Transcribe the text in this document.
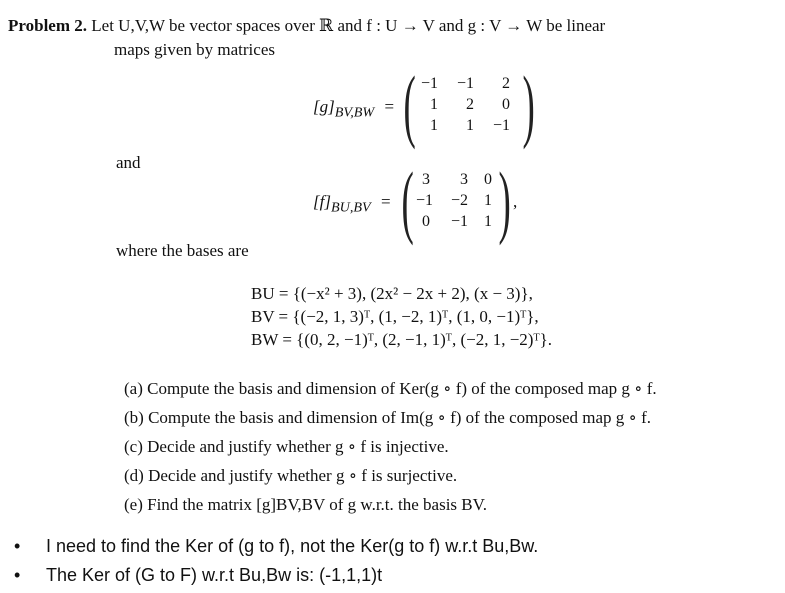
Problem 2. Let U,V,W be vector spaces over ℝ and f : U → V and g : V → W be linear
maps given by matrices
$[g]_{BV,BW}$ = ( −1	−1	2
1	2	0
1	1	−1 )
and
$[f]_{BU,BV}$ = ( 3	3	0
−1	−2	1
0	−1	1 ) ,
where the bases are
BU = {(−x² + 3), (2x² − 2x + 2), (x − 3)},
BV = {(−2, 1, 3)ᵀ, (1, −2, 1)ᵀ, (1, 0, −1)ᵀ},
BW = {(0, 2, −1)ᵀ, (2, −1, 1)ᵀ, (−2, 1, −2)ᵀ}.
(a) Compute the basis and dimension of Ker(g ∘ f) of the composed map g ∘ f.
(b) Compute the basis and dimension of Im(g ∘ f) of the composed map g ∘ f.
(c) Decide and justify whether g ∘ f is injective.
(d) Decide and justify whether g ∘ f is surjective.
(e) Find the matrix [g]BV,BV of g w.r.t. the basis BV.
• I need to find the Ker of (g to f), not the Ker(g to f) w.r.t Bu,Bw.
• The Ker of (G to F) w.r.t Bu,Bw is: (-1,1,1)t
